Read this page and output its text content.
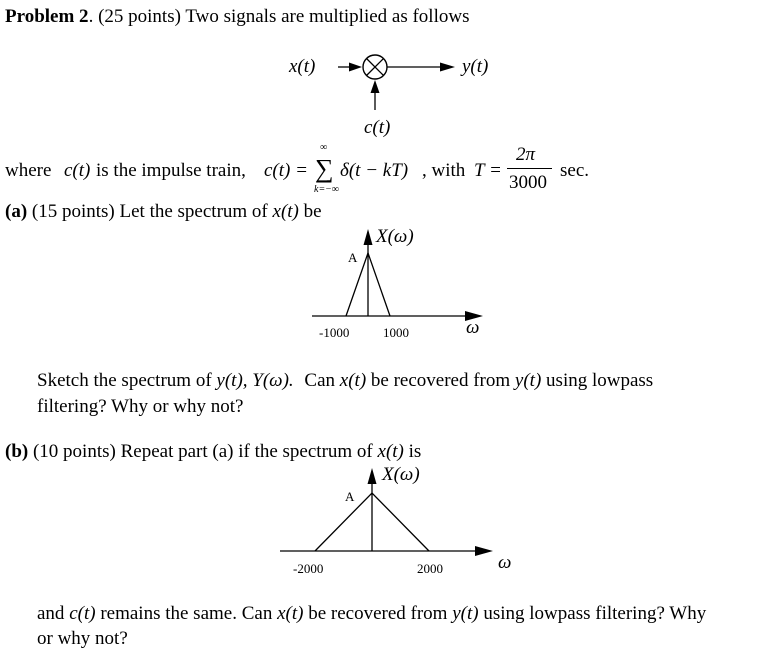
Problem 2. (25 points) Two signals are multiplied as follows
x(t)	y(t)
c(t)
where c(t) is the impulse train, c(t) =
∞
∑
k=−∞
δ(t − kT) , with T =
2π
3000
sec.
(a) (15 points) Let the spectrum of x(t) be
X(ω)
A
ω
-1000	1000
Sketch the spectrum of y(t), Y(ω). Can x(t) be recovered from y(t) using lowpass
filtering? Why or why not?
(b) (10 points) Repeat part (a) if the spectrum of x(t) is
X(ω)
A
ω
-2000	2000
and c(t) remains the same. Can x(t) be recovered from y(t) using lowpass filtering? Why
or why not?
